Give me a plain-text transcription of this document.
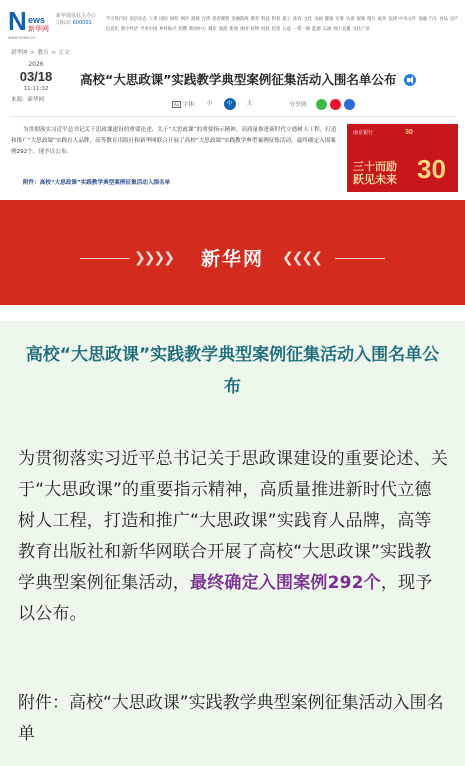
N ews
新华网
www.news.cn
新华通讯社主办公司标识 600001
学习进行时 高层动态 人事 国际 财经 网评 港澳 台湾 思客聚智 金融防线 教育 科技 科普 量子 体育 文化 书画 健康 军事 访谈 视频 图片 政务 法律 中央文件 金融 汽车 食品 房产信息化 数字经济 学术中国 乡村振兴 招聘 新闻中心 城市 旅游 新闻 休闲 好物 时政 投资 公益 一带一路 能源 石油 网上直播 文化产业
新华网 > 教育 > 正文
2026
03/18
11:11:32
来源：新华网
高校“大思政课”实践教学典型案例征集活动入围名单公布
Aa 字体：	小	中	大	分享到：

为贯彻落实习近平总书记关于思政课建设的重要论述、关于“大思政课”的重要指示精神，高质量推进新时代立德树人工程，打造和推广“大思政课”实践育人品牌，高等教育出版社和新华网联合开展了高校“大思政课”实践教学典型案例征集活动，最终确定入围案例292个，现予以公布。

附件：高校“大思政课”实践教学典型案例征集活动入围名单
南京银行	30
三十而励
跃见未来 30
❯❯❯❯	新华网	❮❮❮❮
高校“大思政课”实践教学典型案例征集活动入围名单公布

为贯彻落实习近平总书记关于思政课建设的重要论述、关于“大思政课”的重要指示精神，高质量推进新时代立德树人工程，打造和推广“大思政课”实践育人品牌，高等教育出版社和新华网联合开展了高校“大思政课”实践教学典型案例征集活动，最终确定入围案例292个，现予以公布。

附件：高校“大思政课”实践教学典型案例征集活动入围名单
